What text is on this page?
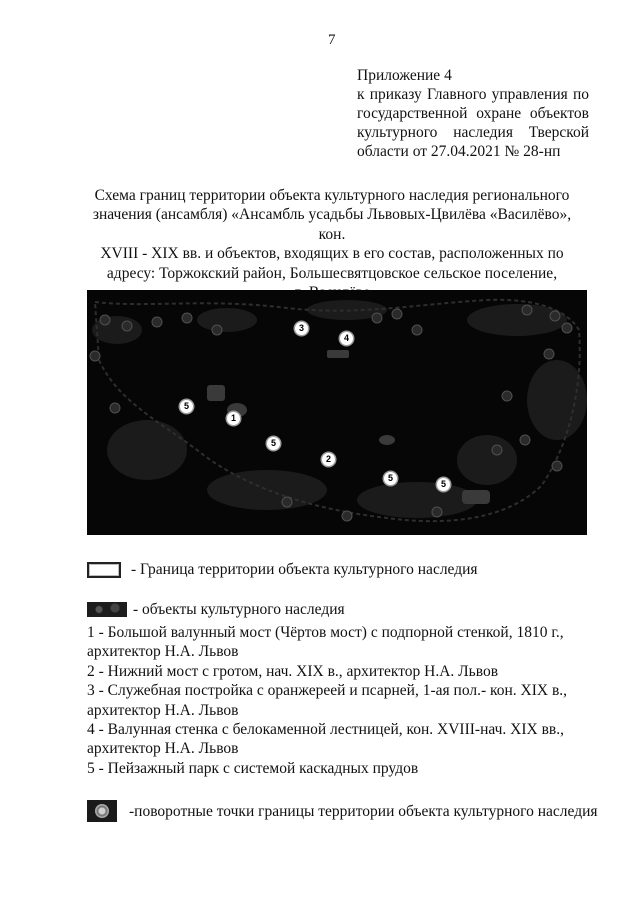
7
Приложение 4
к приказу Главного управления по
государственной охране объектов
культурного наследия Тверской
области от 27.04.2021 № 28-нп
Схема границ территории объекта культурного наследия регионального
значения (ансамбля) «Ансамбль усадьбы Львовых-Цвилёва «Василёво», кон.
XVIII - XIX вв. и объектов, входящих в его состав, расположенных по
адресу: Торжокский район, Большесвятцовское сельское поселение,
3
4
5
1
5
2
5
5
- Граница территории объекта культурного наследия
- объекты культурного наследия
1 - Большой валунный мост (Чёртов мост) с подпорной стенкой, 1810 г.,
архитектор Н.А. Львов
2 - Нижний мост с гротом, нач. XIX в., архитектор Н.А. Львов
3 - Служебная постройка с оранжереей и псарней, 1-ая пол.- кон. XIX в.,
архитектор Н.А. Львов
4 - Валунная стенка с белокаменной лестницей, кон. XVIII-нач. XIX вв.,
архитектор Н.А. Львов
5 - Пейзажный парк с системой каскадных прудов
-поворотные точки границы территории объекта культурного наследия
